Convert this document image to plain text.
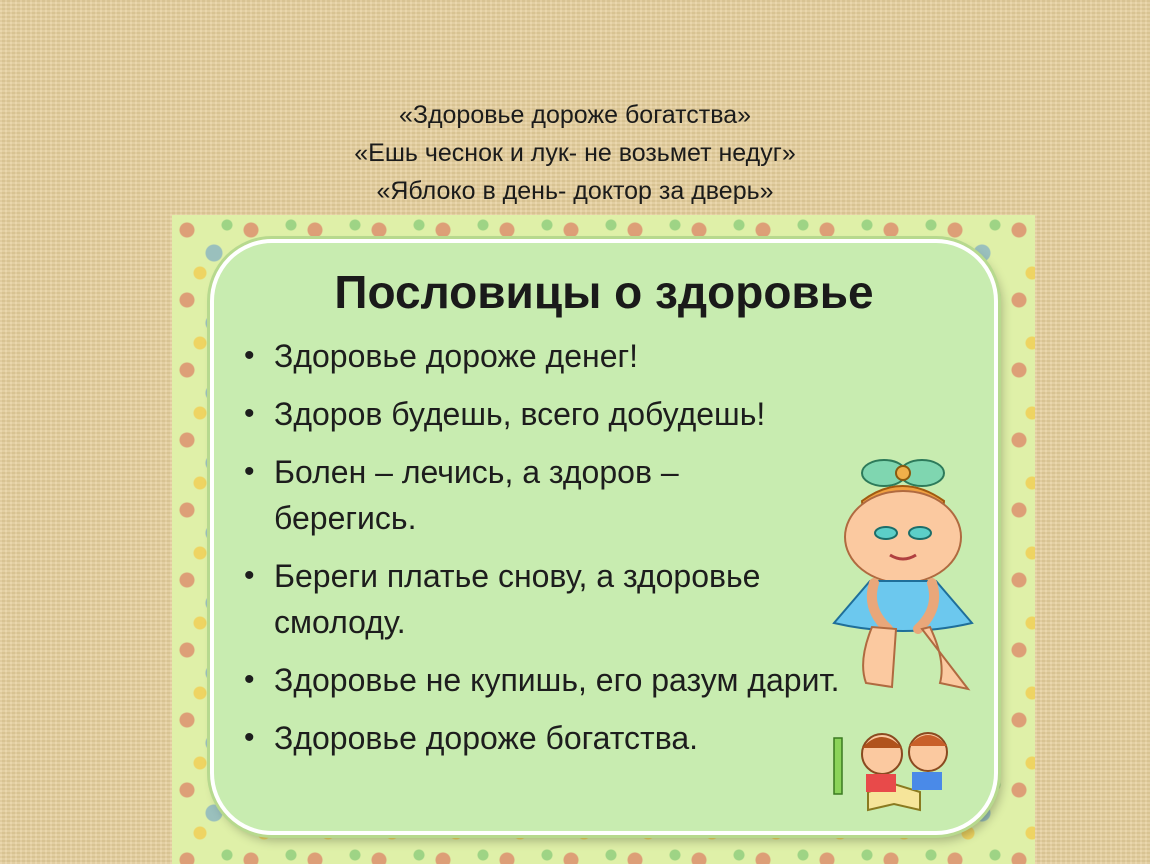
«Здоровье дороже богатства»
«Ешь чеснок и лук- не возьмет недуг»
«Яблоко в день- доктор за дверь»
Пословицы о здоровье
• Здоровье дороже денег!
• Здоров будешь, всего добудешь!
• Болен – лечись, а здоров – берегись.
• Береги платье снову, а здоровье смолоду.
• Здоровье не купишь, его разум дарит.
• Здоровье дороже богатства.
